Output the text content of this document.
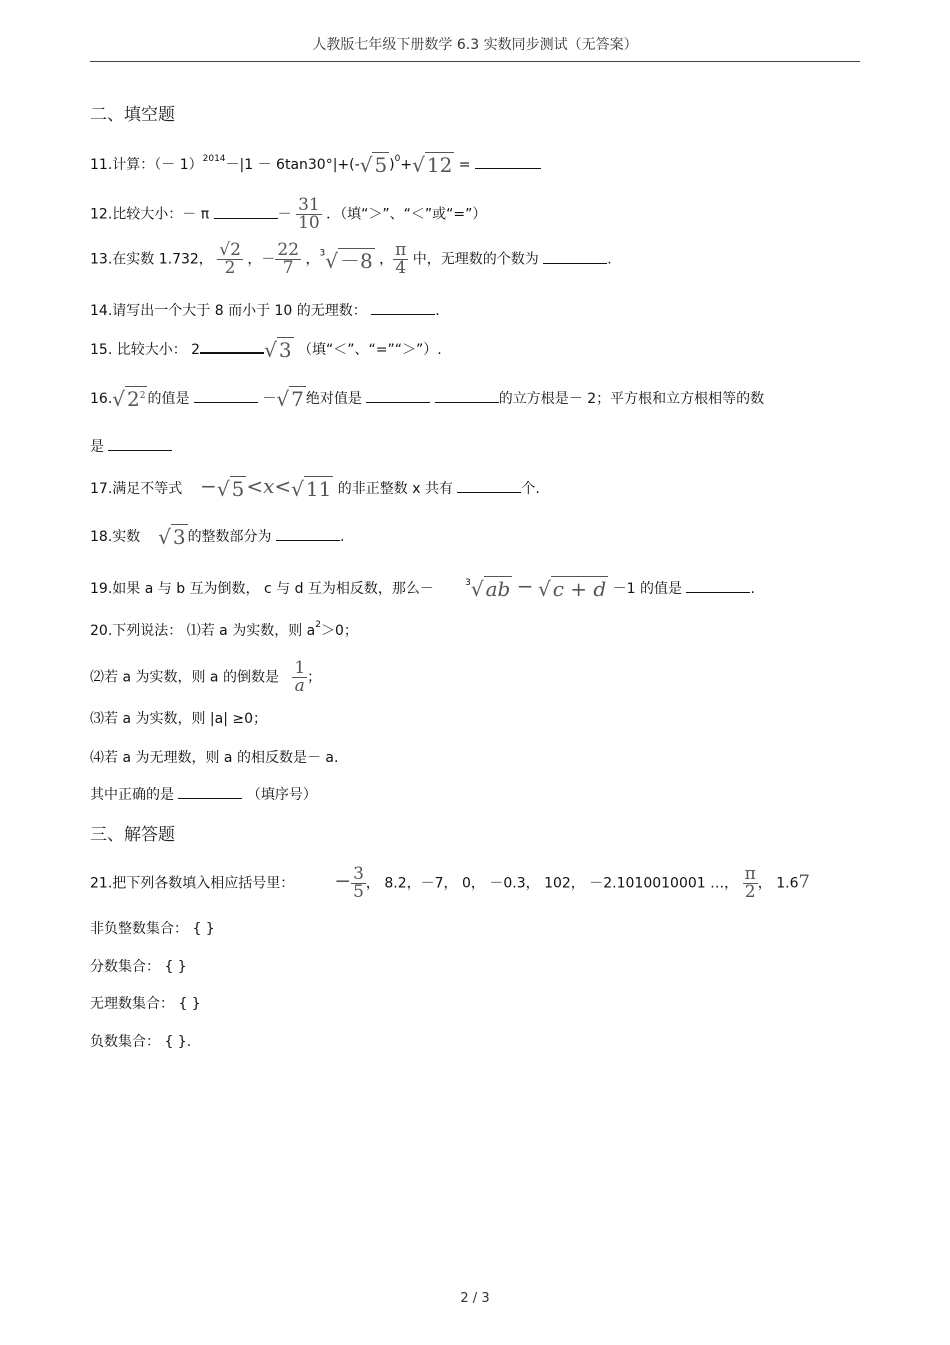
人教版七年级下册数学 6.3 实数同步测试（无答案）
二、填空题
11.计算：（－ 1）$^{2014}$－|1 － 6tan30°|+(-√ 5 )$^0$+√ 12 =
12.比较大小：－ π	－ $\frac{31}{10}$ ．（填“＞”、“＜”或“=”）
13.在实数 1.732， $\frac{√2}{2}$ ，－ $\frac{22}{7}$ ，$^3$√ －8 ， $\frac{\pi}{4}$ 中，无理数的个数为	.
14.请写出一个大于 8 而小于 10 的无理数：	.
15. 比较大小： 2	√ 3 （填“＜”、“=”“＞”）.
16.√ $2^2$ 的值是	－√ 7 绝对值是	的立方根是－ 2；平方根和立方根相等的数
是
17.满足不等式 −√ 5 <x<√ 11 的非正整数 x 共有	个.
18.实数 √ 3 的整数部分为	.
19.如果 a 与 b 互为倒数， c 与 d 互为相反数，那么－	$^3$√ ab − √ c + d －1 的值是	.
20.下列说法： ⑴若 a 为实数，则 $a^2>0$；
⑵若 a 为实数，则 a 的倒数是 $\frac{1}{a}$ ；
⑶若 a 为实数，则 |a| ≥0；
⑷若 a 为无理数，则 a 的相反数是－ a.
其中正确的是	（填序号）
三、解答题
21.把下列各数填入相应括号里： − $\frac{3}{5}$ ， 8.2，－7， 0， －0.3， 102， －2.1010010001 …， $\frac{\pi}{2}$ ， 1.67
非负整数集合： { }
分数集合： { }
无理数集合： { }
负数集合： { }.
2 / 3
